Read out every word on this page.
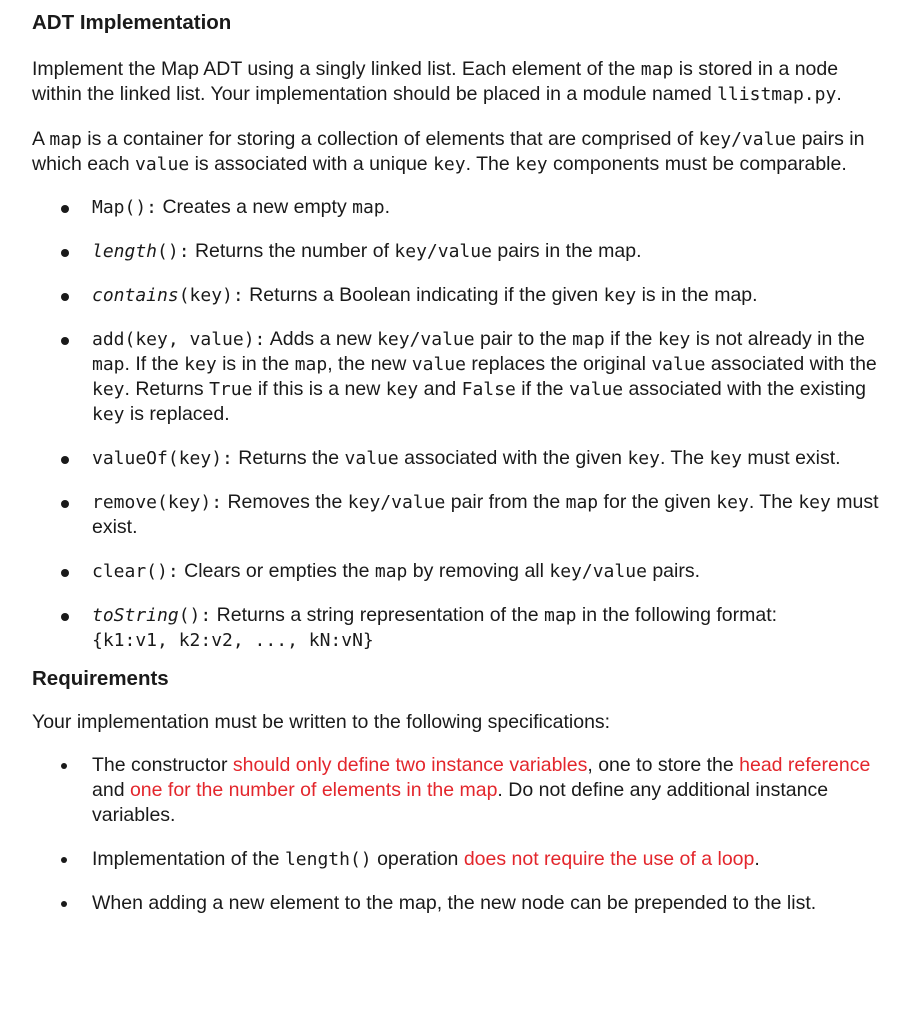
ADT Implementation

Implement the Map ADT using a singly linked list. Each element of the map is stored in a node within the linked list. Your implementation should be placed in a module named llistmap.py.

A map is a container for storing a collection of elements that are comprised of key/value pairs in which each value is associated with a unique key. The key components must be comparable.

Map(): Creates a new empty map.
length(): Returns the number of key/value pairs in the map.
contains(key): Returns a Boolean indicating if the given key is in the map.
add(key, value): Adds a new key/value pair to the map if the key is not already in the map. If the key is in the map, the new value replaces the original value associated with the key. Returns True if this is a new key and False if the value associated with the existing key is replaced.
valueOf(key): Returns the value associated with the given key. The key must exist.
remove(key): Removes the key/value pair from the map for the given key. The key must exist.
clear(): Clears or empties the map by removing all key/value pairs.
toString(): Returns a string representation of the map in the following format:
{k1:v1, k2:v2, ..., kN:vN}
Requirements

Your implementation must be written to the following specifications:

The constructor should only define two instance variables, one to store the head reference and one for the number of elements in the map. Do not define any additional instance variables.
Implementation of the length() operation does not require the use of a loop.
When adding a new element to the map, the new node can be prepended to the list.
